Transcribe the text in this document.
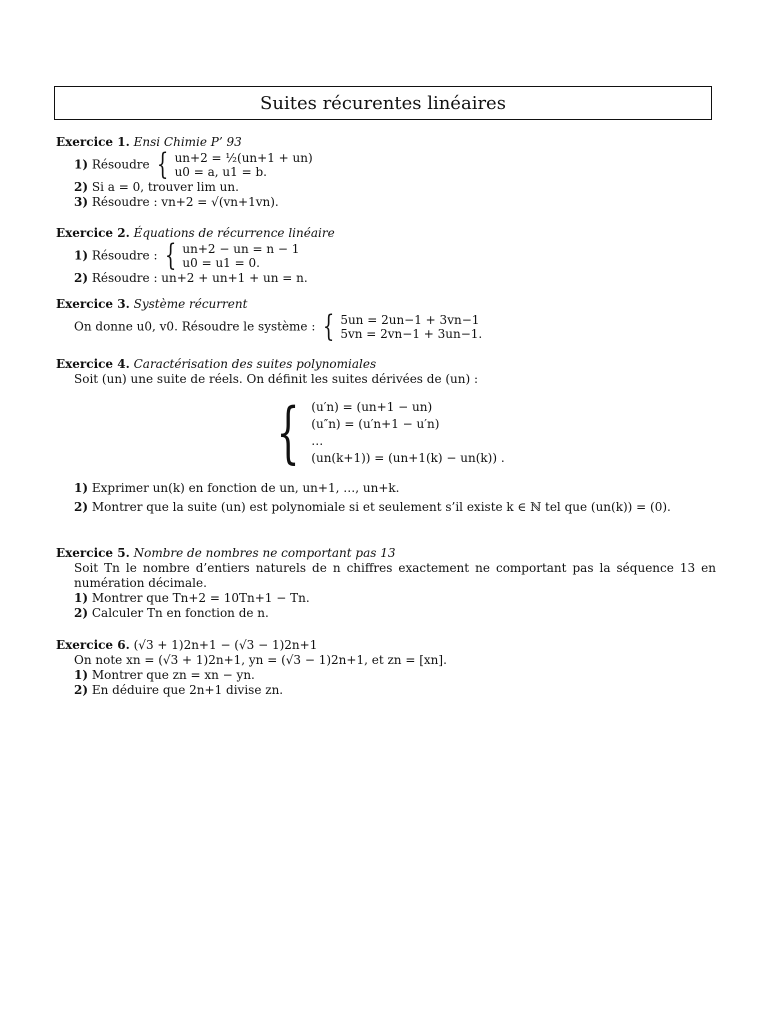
Suites récurentes linéaires
Exercice 1. Ensi Chimie P’ 93
1) Résoudre { un+2 = ½(un+1 + un)
u0 = a, u1 = b.
2) Si a = 0, trouver lim un.
3) Résoudre : vn+2 = √(vn+1vn).
Exercice 2. Équations de récurrence linéaire
1) Résoudre : { un+2 − un = n − 1
u0 = u1 = 0.
2) Résoudre : un+2 + un+1 + un = n.
Exercice 3. Système récurrent
On donne u0, v0. Résoudre le système : { 5un = 2un−1 + 3vn−1
5vn = 2vn−1 + 3un−1.
Exercice 4. Caractérisation des suites polynomiales
Soit (un) une suite de réels. On définit les suites dérivées de (un) :
{ (u′n) = (un+1 − un)
(u″n) = (u′n+1 − u′n)
…
(un(k+1)) = (un+1(k) − un(k)) .
1) Exprimer un(k) en fonction de un, un+1, …, un+k.
2) Montrer que la suite (un) est polynomiale si et seulement s’il existe k ∈ ℕ tel que (un(k)) = (0).
Exercice 5. Nombre de nombres ne comportant pas 13
Soit Tn le nombre d’entiers naturels de n chiffres exactement ne comportant pas la séquence 13 en numération décimale.
1) Montrer que Tn+2 = 10Tn+1 − Tn.
2) Calculer Tn en fonction de n.
Exercice 6. (√3 + 1)2n+1 − (√3 − 1)2n+1
On note xn = (√3 + 1)2n+1, yn = (√3 − 1)2n+1, et zn = [xn].
1) Montrer que zn = xn − yn.
2) En déduire que 2n+1 divise zn.
